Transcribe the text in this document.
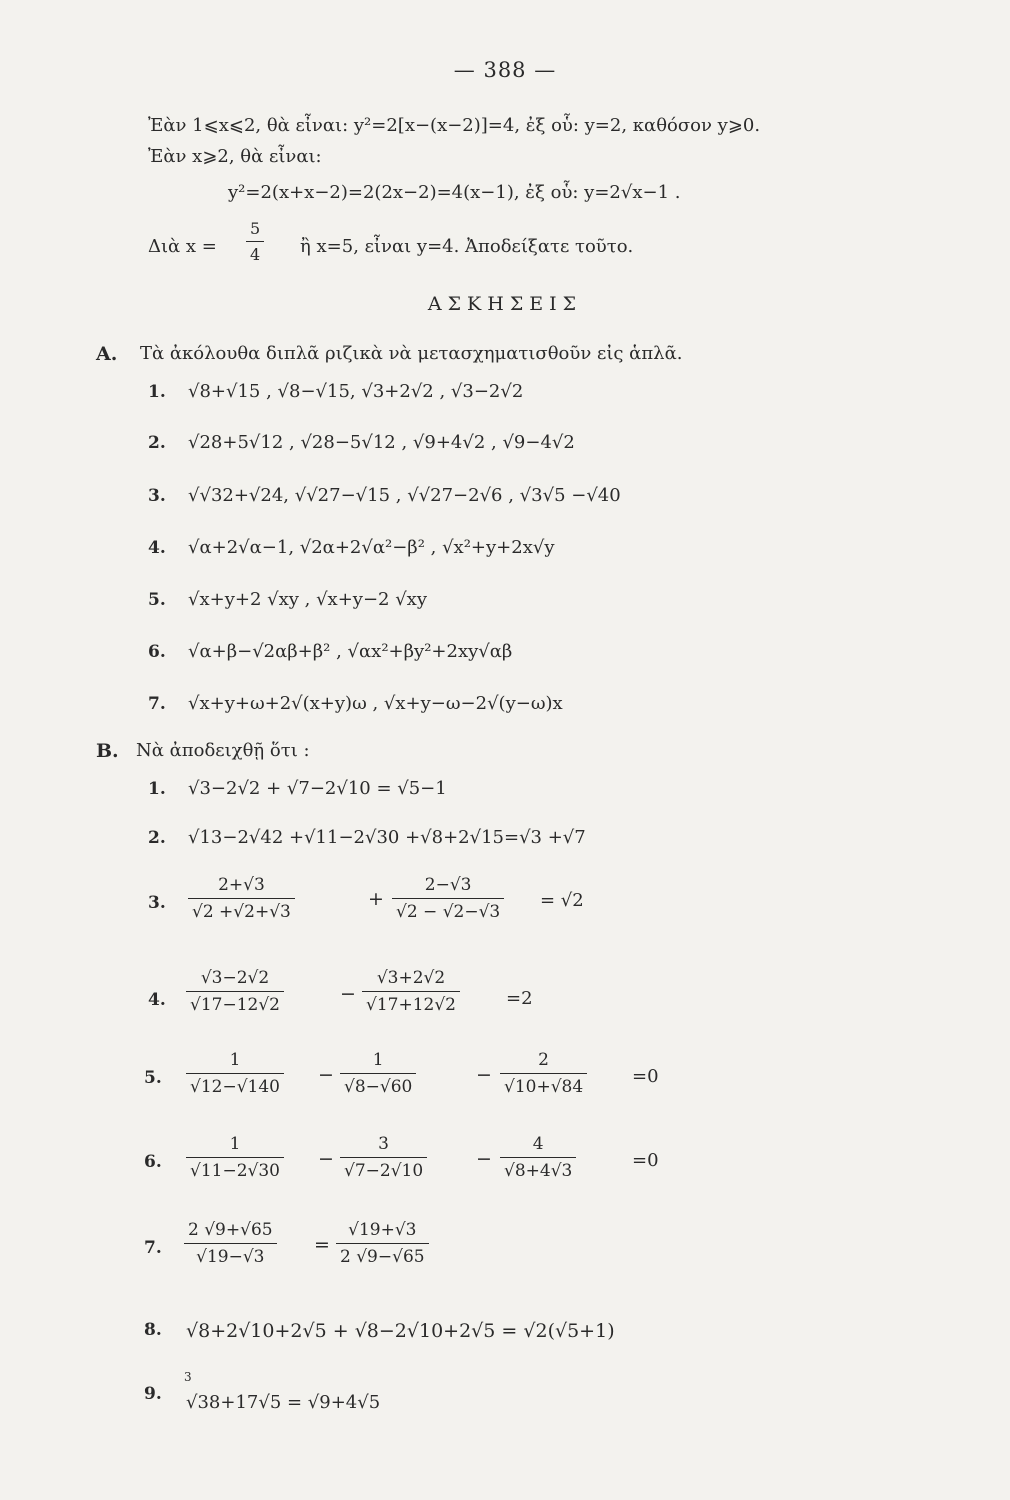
— 388 —
Ἐὰν 1⩽x⩽2, θὰ εἶναι: y²=2[x−(x−2)]=4, ἐξ οὗ: y=2, καθόσον y⩾0.
Ἐὰν x⩾2, θὰ εἶναι:
y²=2(x+x−2)=2(2x−2)=4(x−1), ἐξ οὗ: y=2√x−1 .
Διὰ $x = \frac{5}{4}$ ἢ x=5, εἶναι y=4. Ἀποδείξατε τοῦτο.
ΑΣΚΗΣΕΙΣ
Α. Τὰ ἀκόλουθα διπλᾶ ριζικὰ νὰ μετασχηματισθοῦν εἰς ἁπλᾶ.
1. √8+√15 , √8−√15, √3+2√2 , √3−2√2
2. √28+5√12 , √28−5√12 , √9+4√2 , √9−4√2
3. √√32+√24, √√27−√15 , √√27−2√6 , √3√5 −√40
4. √α+2√α−1, √2α+2√α²−β² , √x²+y+2x√y
5. √x+y+2 √xy , √x+y−2 √xy
6. √α+β−√2αβ+β² , √αx²+βy²+2xy√αβ
7. √x+y+ω+2√(x+y)ω , √x+y−ω−2√(y−ω)x
Β. Νὰ ἀποδειχθῇ ὅτι :
1. √3−2√2 + √7−2√10 = √5−1
2. √13−2√42 +√11−2√30 +√8+2√15=√3 +√7
3. $\frac{2+√3}{√2 +√2+√3}$	+ $\frac{2-√3}{√2 - √2-√3} = √2$
4. $\frac{√3-2√2}{√17-12√2}$	− $\frac{√3+2√2}{√17+12√2}$	=2
5. $\frac{1}{√12-√140} - \frac{1}{√8-√60}$	− $\frac{2}{√10+√84} =0$
6. $\frac{1}{√11-2√30} - \frac{3}{√7-2√10}$	− $\frac{4}{√8+4√3}$	=0
7. $\frac{2 √9+√65}{√19-√3} = \frac{√19+√3}{2 √9-√65}$
8. √8+2√10+2√5 + √8−2√10+2√5 = √2(√5+1)
9.
3
√38+17√5 = √9+4√5
